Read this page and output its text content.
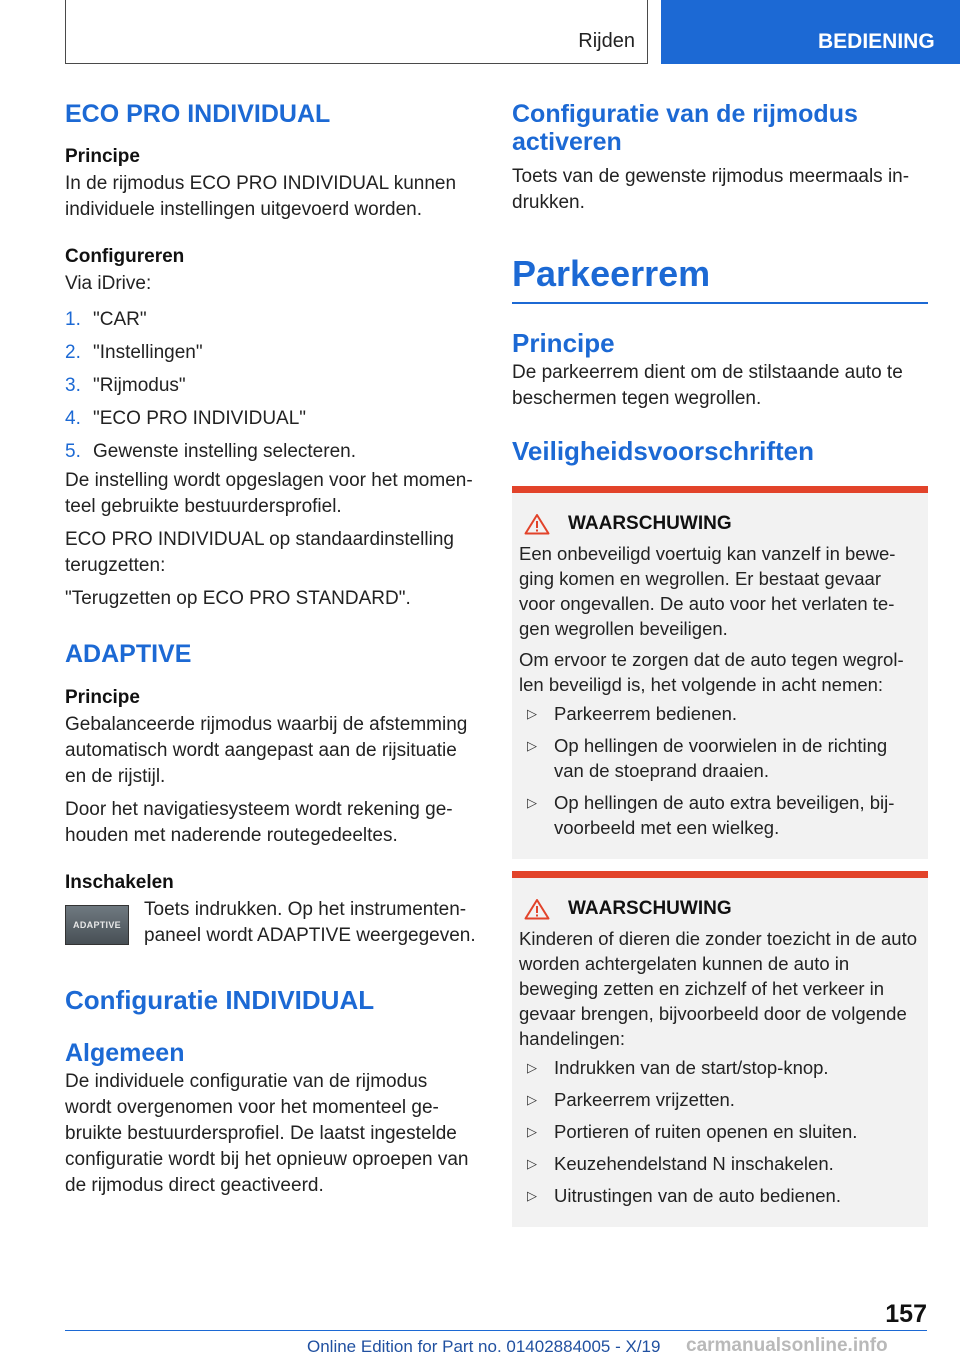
Rijden	BEDIENING
ECO PRO INDIVIDUAL
Principe

In de rijmodus ECO PRO INDIVIDUAL kunnen individuele instellingen uitgevoerd worden.

Configureren

Via iDrive:

1. "CAR"
2. "Instellingen"
3. "Rijmodus"
4. "ECO PRO INDIVIDUAL"
5. Gewenste instelling selecteren.

De instelling wordt opgeslagen voor het momen-teel gebruikte bestuurdersprofiel.

ECO PRO INDIVIDUAL op standaardinstelling terugzetten:

"Terugzetten op ECO PRO STANDARD".

ADAPTIVE
Principe

Gebalanceerde rijmodus waarbij de afstemming automatisch wordt aangepast aan de rijsituatie en de rijstijl.

Door het navigatiesysteem wordt rekening ge-houden met naderende routegedeeltes.

Inschakelen
ADAPTIVE

Toets indrukken. Op het instrumenten-paneel wordt ADAPTIVE weergegeven.

Configuratie INDIVIDUAL
Algemeen

De individuele configuratie van de rijmodus wordt overgenomen voor het momenteel ge-bruikte bestuurdersprofiel. De laatst ingestelde configuratie wordt bij het opnieuw oproepen van de rijmodus direct geactiveerd.

Configuratie van de rijmodus activeren

Toets van de gewenste rijmodus meermaals in-drukken.

Parkeerrem
Principe

De parkeerrem dient om de stilstaande auto te beschermen tegen wegrollen.

Veiligheidsvoorschriften
WAARSCHUWING

Een onbeveiligd voertuig kan vanzelf in bewe-ging komen en wegrollen. Er bestaat gevaar voor ongevallen. De auto voor het verlaten te-gen wegrollen beveiligen.

Om ervoor te zorgen dat de auto tegen wegrol-len beveiligd is, het volgende in acht nemen:

▷ Parkeerrem bedienen.
▷ Op hellingen de voorwielen in de richting van de stoeprand draaien.
▷ Op hellingen de auto extra beveiligen, bij-voorbeeld met een wielkeg.
WAARSCHUWING

Kinderen of dieren die zonder toezicht in de auto worden achtergelaten kunnen de auto in beweging zetten en zichzelf of het verkeer in gevaar brengen, bijvoorbeeld door de volgende handelingen:

▷ Indrukken van de start/stop-knop.
▷ Parkeerrem vrijzetten.
▷ Portieren of ruiten openen en sluiten.
▷ Keuzehendelstand N inschakelen.
▷ Uitrustingen van de auto bedienen.
157
Online Edition for Part no. 01402884005 - X/19 carmanualsonline.info
